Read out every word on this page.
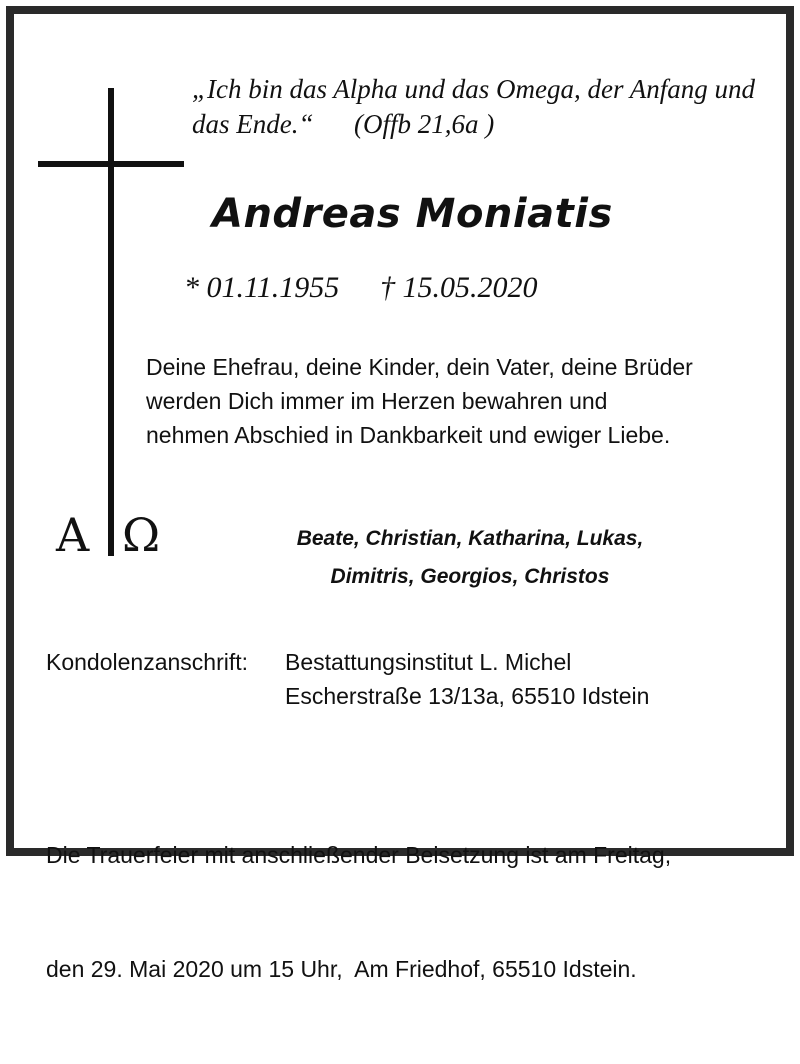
A Ω
„Ich bin das Alpha und das Omega, der Anfang und
das Ende.“ (Offb 21,6a )
Andreas Moniatis
* 01.11.1955 † 15.05.2020
Deine Ehefrau, deine Kinder, dein Vater, deine Brüder
werden Dich immer im Herzen bewahren und
nehmen Abschied in Dankbarkeit und ewiger Liebe.
Beate, Christian, Katharina, Lukas,
Dimitris, Georgios, Christos
Kondolenzanschrift: Bestattungsinstitut L. Michel
Escherstraße 13/13a, 65510 Idstein

Die Trauerfeier mit anschließender Beisetzung ist am Freitag,

den 29. Mai 2020 um 15 Uhr,  Am Friedhof, 65510 Idstein.
